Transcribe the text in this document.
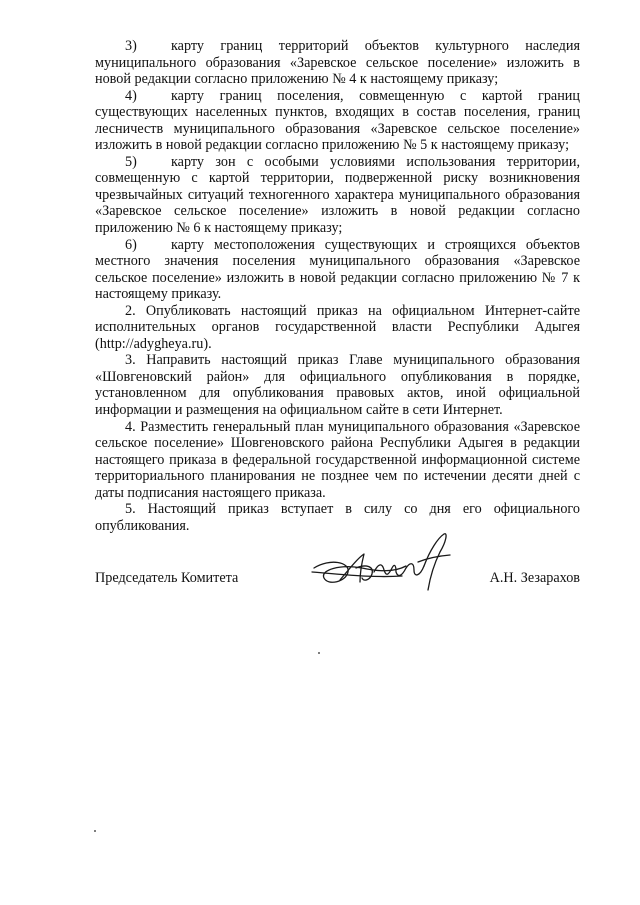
3) карту границ территорий объектов культурного наследия муниципального образования «Заревское сельское поселение» изложить в новой редакции согласно приложению № 4 к настоящему приказу;

4) карту границ поселения, совмещенную с картой границ существующих населенных пунктов, входящих в состав поселения, границ лесничеств муниципального образования «Заревское сельское поселение» изложить в новой редакции согласно приложению № 5 к настоящему приказу;

5) карту зон с особыми условиями использования территории, совмещенную с картой территории, подверженной риску возникновения чрезвычайных ситуаций техногенного характера муниципального образования «Заревское сельское поселение» изложить в новой редакции согласно приложению № 6 к настоящему приказу;

6) карту местоположения существующих и строящихся объектов местного значения поселения муниципального образования «Заревское сельское поселение» изложить в новой редакции согласно приложению № 7 к настоящему приказу.

2. Опубликовать настоящий приказ на официальном Интернет-сайте исполнительных органов государственной власти Республики Адыгея (http://adygheya.ru).

3. Направить настоящий приказ Главе муниципального образования «Шовгеновский район» для официального опубликования в порядке, установленном для опубликования правовых актов, иной официальной информации и размещения на официальном сайте в сети Интернет.

4. Разместить генеральный план муниципального образования «Заревское сельское поселение» Шовгеновского района Республики Адыгея в редакции настоящего приказа в федеральной государственной информационной системе территориального планирования не позднее чем по истечении десяти дней с даты подписания настоящего приказа.

5. Настоящий приказ вступает в силу со дня его официального опубликования.

Председатель Комитета	А.Н. Зезарахов
